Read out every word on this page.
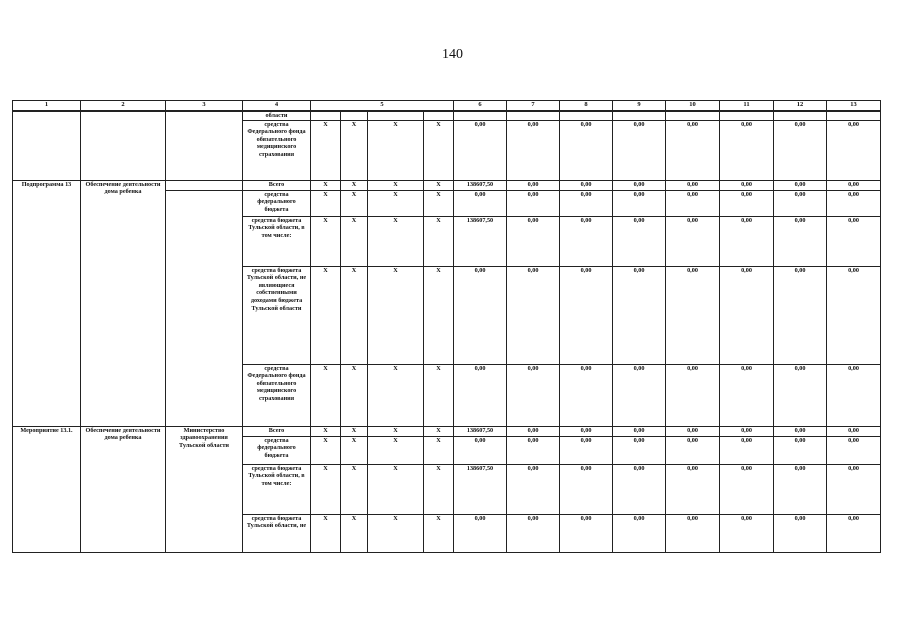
140
1	2	3	4	5				6	7	8	9	10	11	12	13
			области												
			средства Федерального фонда обязательного медицинского страхования	X	X	X	X	0,00	0,00	0,00	0,00	0,00	0,00	0,00	0,00
Подпрограмма 13	Обеспечение деятельности дома ребенка		Всего	X	X	X	X	138607,50	0,00	0,00	0,00	0,00	0,00	0,00	0,00
			средства федерального бюджета	X	X	X	X	0,00	0,00	0,00	0,00	0,00	0,00	0,00	0,00
			средства бюджета Тульской области, в том числе:	X	X	X	X	138607,50	0,00	0,00	0,00	0,00	0,00	0,00	0,00
			средства бюджета Тульской области, не являющиеся собственными доходами бюджета Тульской области	X	X	X	X	0,00	0,00	0,00	0,00	0,00	0,00	0,00	0,00
			средства Федерального фонда обязательного медицинского страхования	X	X	X	X	0,00	0,00	0,00	0,00	0,00	0,00	0,00	0,00
Мероприятие 13.1.	Обеспечение деятельности дома ребенка	Министерство здравоохранения Тульской области	Всего	X	X	X	X	138607,50	0,00	0,00	0,00	0,00	0,00	0,00	0,00
			средства федерального бюджета	X	X	X	X	0,00	0,00	0,00	0,00	0,00	0,00	0,00	0,00
			средства бюджета Тульской области, в том числе:	X	X	X	X	138607,50	0,00	0,00	0,00	0,00	0,00	0,00	0,00
			средства бюджета Тульской области, не	X	X	X	X	0,00	0,00	0,00	0,00	0,00	0,00	0,00	0,00
